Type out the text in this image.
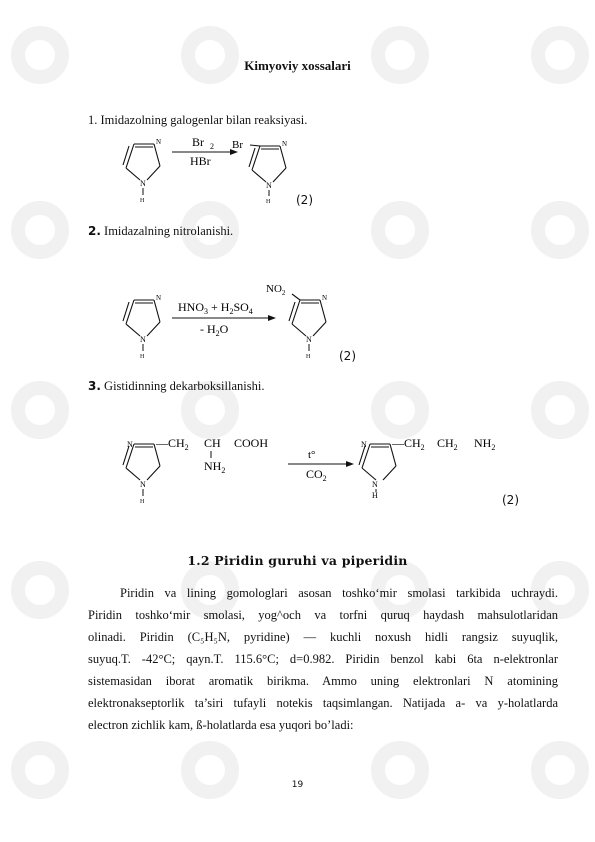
Kimyoviy xossalari
1. Imidazolning galogenlar bilan reaksiyasi.
N
N
H
Br 2
HBr
Br	N
N
H (2)
2. Imidazalning nitrolanishi.
N
N
H
$HNO_3 + H_2SO_4$
- $H_2O$
$NO_2$
N
N
H (2)
3. Gistidinning dekarboksillanishi.
N
N
H
$—CH_2$ CH COOH
$NH_2$
t°
$CO_2$
N
N
H
$—CH_2$ $CH_2$ $NH_2$
(2)
1.2 Piridin guruhi va piperidin
Piridin va lining gomologlari asosan toshko‘mir smolasi tarkibida uchraydi.
Piridin toshko‘mir smolasi, yog^och va torfni quruq haydash mahsulotlaridan
olinadi. Piridin (C₅H₅N, pyridine) — kuchli noxush hidli rangsiz suyuqlik,
suyuq.T. -42°C; qayn.T. 115.6°C; d=0.982. Piridin benzol kabi 6ta n-elektronlar
sistemasidan iborat aromatik birikma. Ammo uning elektronlari N atomining
elektronakseptorlik ta’siri tufayli notekis taqsimlangan. Natijada a- va y-holatlarda
electron zichlik kam, ß-holatlarda esa yuqori bo’ladi:
19
